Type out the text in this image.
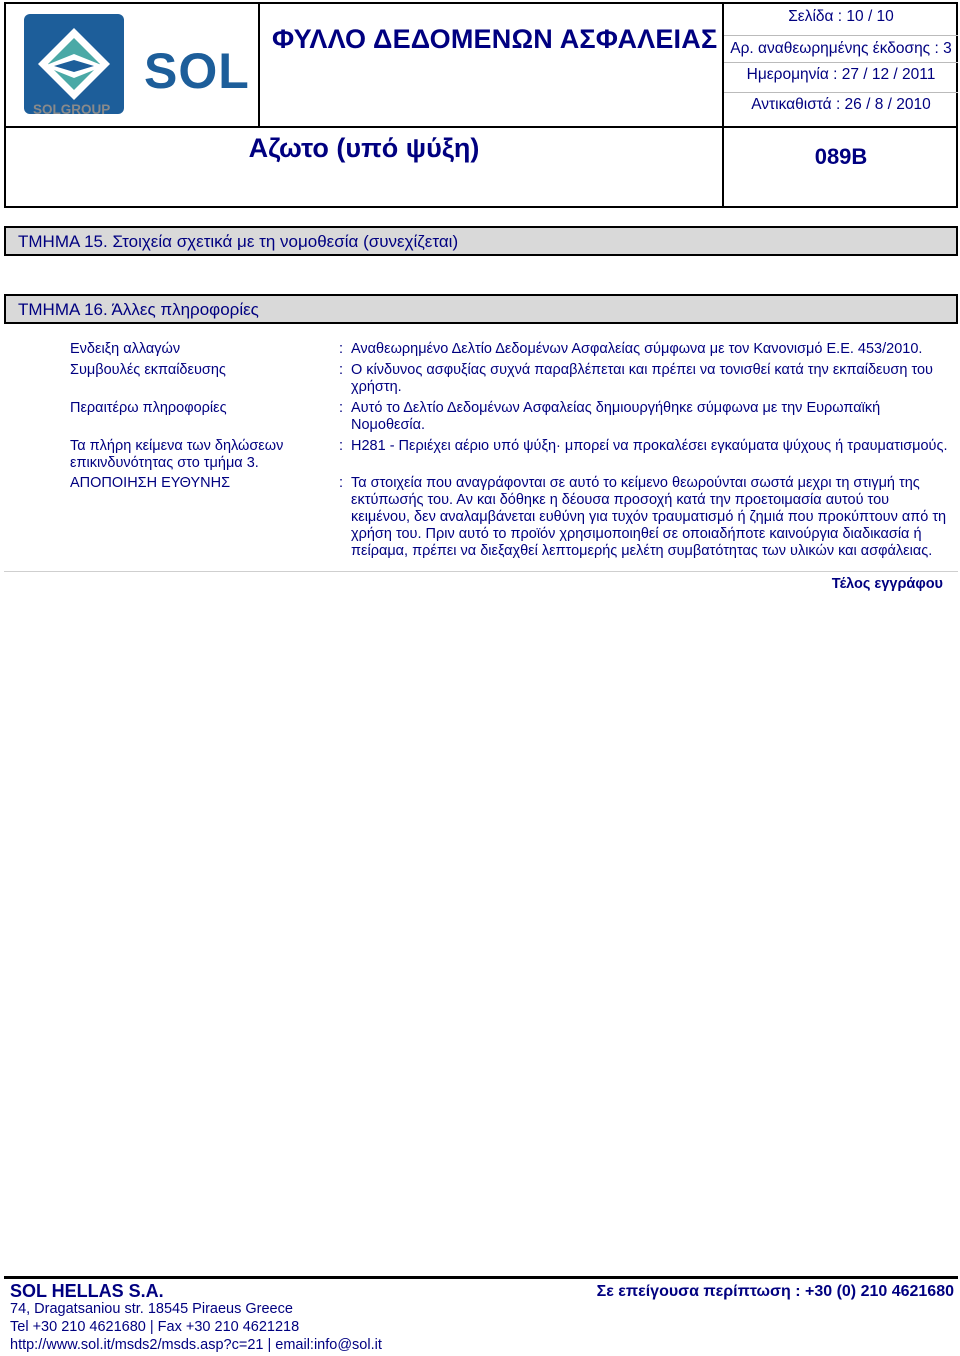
SOL
SOLGROUP
ΦΥΛΛΟ ΔΕΔΟΜΕΝΩΝ ΑΣΦΑΛΕΙΑΣ
Σελίδα : 10 / 10
Αρ. αναθεωρημένης έκδοσης : 3
Ημερομηνία : 27 / 12 / 2011
Αντικαθιστά : 26 / 8 / 2010
Αζωτο (υπό ψύξη)	089B
ΤΜΗΜΑ 15. Στοιχεία σχετικά με τη νομοθεσία (συνεχίζεται)
ΤΜΗΜΑ 16. Άλλες πληροφορίες
Ενδειξη αλλαγών	: Αναθεωρημένο Δελτίο Δεδομένων Ασφαλείας σύμφωνα με τον Κανονισμό Ε.Ε. 453/2010.
Συμβουλές εκπαίδευσης	: Ο κίνδυνος ασφυξίας συχνά παραβλέπεται και πρέπει να τονισθεί κατά την εκπαίδευση του χρήστη.
Περαιτέρω πληροφορίες	: Αυτό το Δελτίο Δεδομένων Ασφαλείας δημιουργήθηκε σύμφωνα με την Ευρωπαϊκή Νομοθεσία.
Τα πλήρη κείμενα των δηλώσεων επικινδυνότητας στο τμήμα 3.
: H281 - Περιέχει αέριο υπό ψύξη· μπορεί να προκαλέσει εγκαύματα ψύχους ή τραυματισμούς.
ΑΠΟΠΟΙΗΣΗ ΕΥΘΥΝΗΣ	: Τα στοιχεία που αναγράφονται σε αυτό το κείμενο θεωρούνται σωστά μεχρι τη στιγμή της εκτύπωσής του. Αν και δόθηκε η δέουσα προσοχή κατά την προετοιμασία αυτού του κειμένου, δεν αναλαμβάνεται ευθύνη για τυχόν τραυματισμό ή ζημιά που προκύπτουν από τη χρήση του. Πριν αυτό το προϊόν χρησιμοποιηθεί σε οποιαδήποτε καινούργια διαδικασία ή πείραμα, πρέπει να διεξαχθεί λεπτομερής μελέτη συμβατότητας των υλικών και ασφάλειας.
Τέλος εγγράφου
SOL HELLAS S.A.	Σε επείγουσα περίπτωση : +30 (0) 210 4621680
74, Dragatsaniou str. 18545 Piraeus Greece
Tel +30 210 4621680 | Fax +30 210 4621218
http://www.sol.it/msds2/msds.asp?c=21 | email:info@sol.it
